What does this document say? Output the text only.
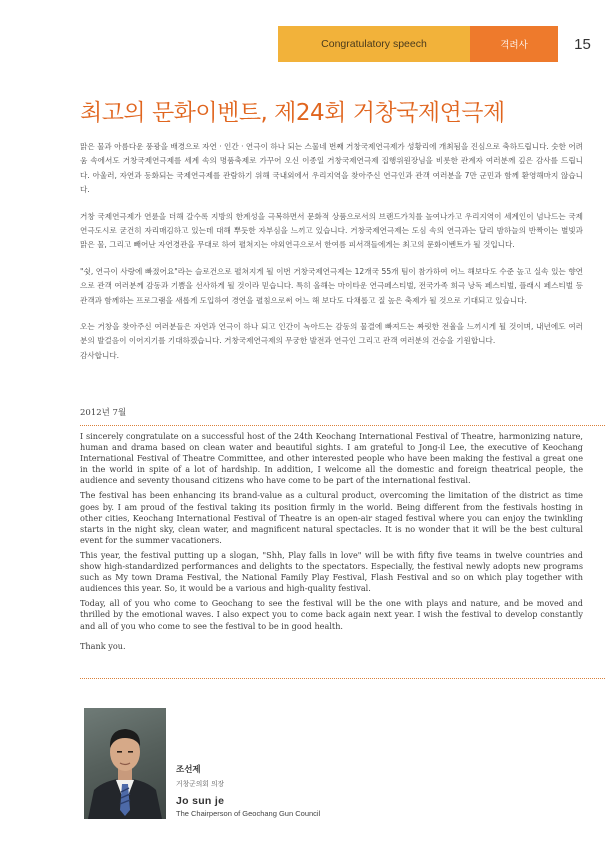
Congratulatory speech	격려사	15
최고의 문화이벤트, 제24회 거창국제연극제

맑은 물과 아름다운 풍광을 배경으로 자연 · 인간 · 연극이 하나 되는 스물네 번째 거창국제연극제가 성황리에 개최됨을 진심으로 축하드립니다. 숫한 어려움 속에서도 거창국제연극제를 세계 속의 명품축제로 가꾸어 오신 이종일 거창국제연극제 집행위원장님을 비롯한 관계자 여러분께 깊은 감사를 드립니다. 아울러, 자연과 동화되는 국제연극제를 관람하기 위해 국내외에서 우리지역을 찾아주신 연극인과 관객 여러분을 7만 군민과 함께 환영해마지 않습니다.

거창 국제연극제가 연륜을 더해 갈수록 지방의 한계성을 극복하면서 문화적 상품으로서의 브랜드가치를 높여나가고 우리지역이 세계인이 넘나드는 국제연극도시로 굳건히 자리매김하고 있는데 대해 뿌듯한 자부심을 느끼고 있습니다. 거창국제연극제는 도심 속의 연극과는 달리 밤하늘의 반짝이는 별빛과 맑은 물, 그리고 빼어난 자연경관을 무대로 하여 펼쳐지는 야외연극으로서 한여름 피서객들에게는 최고의 문화이벤트가 될 것입니다.

"쉿, 연극이 사랑에 빠졌어요"라는 슬로건으로 펼쳐지게 될 이번 거창국제연극제는 12개국 55개 팀이 참가하여 어느 해보다도 수준 높고 실속 있는 향연으로 관객 여러분께 감동과 기쁨을 선사하게 될 것이라 믿습니다. 특히 올해는 마이타운 연극페스티벌, 전국가족 희극 낭독 페스티벌, 플래시 페스티벌 등 관객과 함께하는 프로그램을 새롭게 도입하여 경연을 펼침으로써 어느 해 보다도 다채롭고 질 높은 축제가 될 것으로 기대되고 있습니다.

오는 거창을 찾아주신 여러분들은 자연과 연극이 하나 되고 인간이 녹아드는 감동의 물결에 빠져드는 짜릿한 전율을 느끼시게 될 것이며, 내년에도 여러분의 발걸음이 이어지기를 기대하겠습니다. 거창국제연극제의 무궁한 발전과 연극인 그리고 관객 여러분의 건승을 기원합니다.

감사합니다.

2012년 7월

I sincerely congratulate on a successful host of the 24th Keochang International Festival of Theatre, harmonizing nature, human and drama based on clean water and beautiful sights. I am grateful to Jong-il Lee, the executive of Keochang International Festival of Theatre Committee, and other interested people who have been making the festival a great one in the world in spite of a lot of hardship. In addition, I welcome all the domestic and foreign theatrical people, the audience and seventy thousand citizens who have come to be part of the international festival.

The festival has been enhancing its brand-value as a cultural product, overcoming the limitation of the district as time goes by. I am proud of the festival taking its position firmly in the world. Being different from the festivals hosting in other cities, Keochang International Festival of Theatre is an open-air staged festival where you can enjoy the twinkling starts in the night sky, clean water, and magnificent natural spectacles. It is no wonder that it will be the best cultural event for the summer vacationers.

This year, the festival putting up a slogan, "Shh, Play falls in love" will be with fifty five teams in twelve countries and show high-standardized performances and delights to the spectators. Especially, the festival newly adopts new programs such as My town Drama Festival, the National Family Play Festival, Flash Festival and so on which play together with audiences this year. So, it would be a various and high-quality festival.

Today, all of you who come to Geochang to see the festival will be the one with plays and nature, and be moved and thrilled by the emotional waves. I also expect you to come back again next year. I wish the festival to develop constantly and all of you who come to see the festival to be in good health.

Thank you.

조선제
거창군의회 의장
Jo sun je
The Chairperson of Geochang Gun Council
